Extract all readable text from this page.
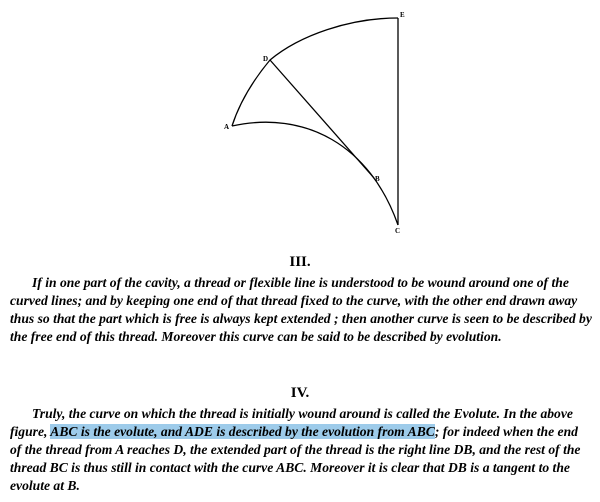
A
B
C
D
E
III.
If in one part of the cavity, a thread or flexible line is understood to be wound around one of the curved lines; and by keeping one end of that thread fixed to the curve, with the other end drawn away thus so that the part which is free is always kept extended ; then another curve is seen to be described by the free end of this thread. Moreover this curve can be said to be described by evolution.
IV.
Truly, the curve on which the thread is initially wound around is called the Evolute. In the above figure, ABC is the evolute, and ADE is described by the evolution from ABC; for indeed when the end of the thread from A reaches D, the extended part of the thread is the right line DB, and the rest of the thread BC is thus still in contact with the curve ABC. Moreover it is clear that DB is a tangent to the evolute at B.
